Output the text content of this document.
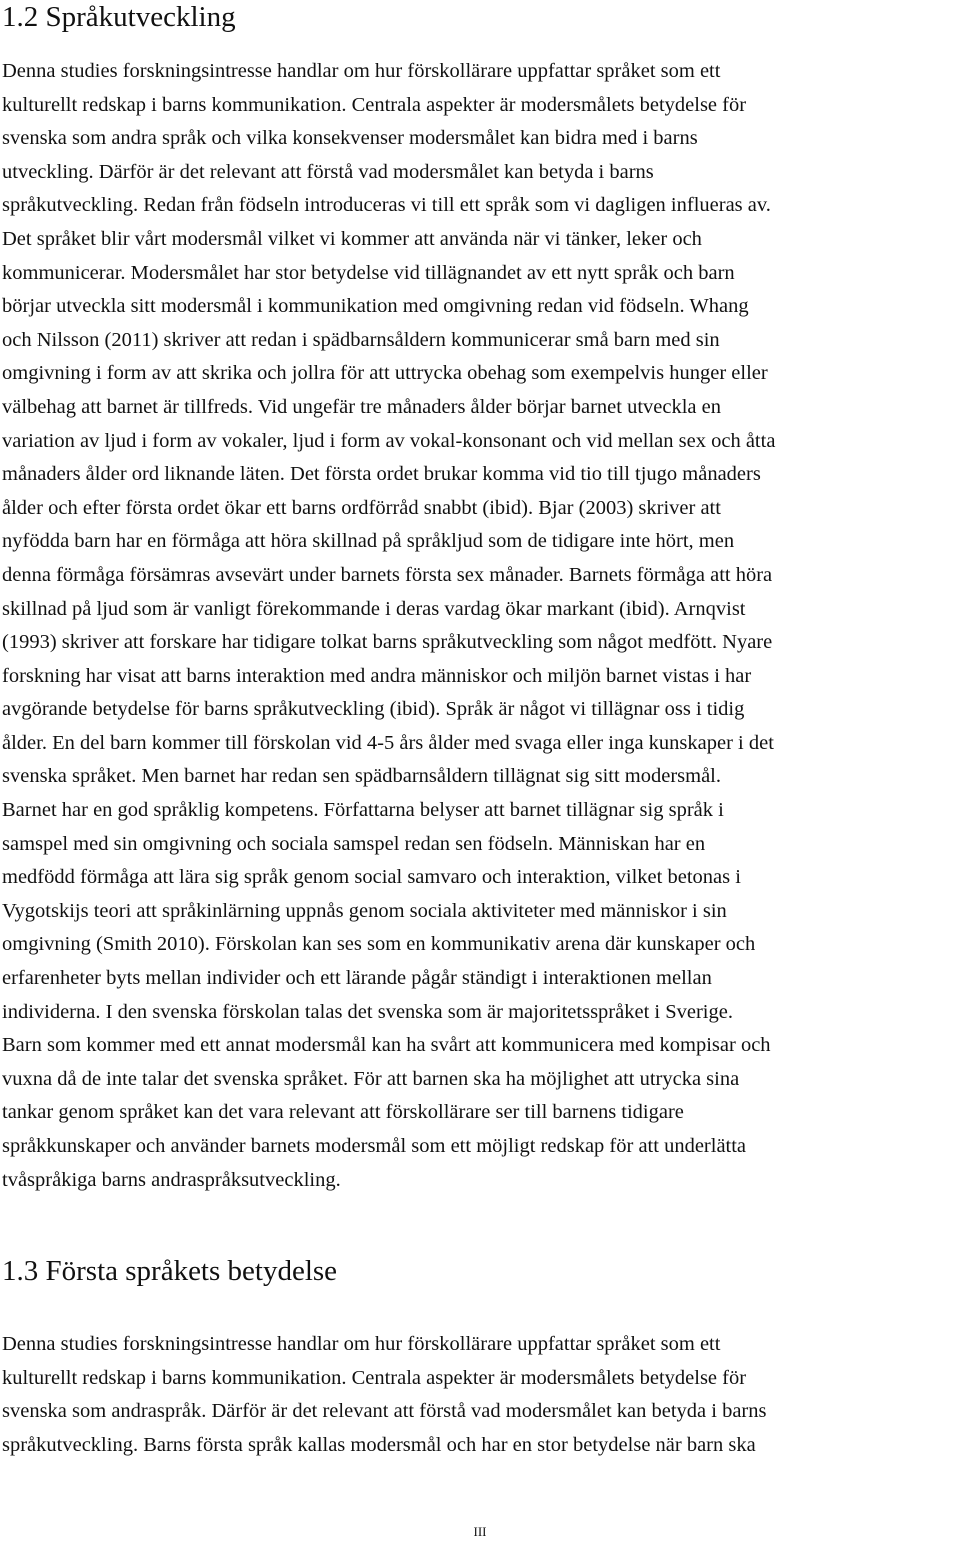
1.2 Språkutveckling
Denna studies forskningsintresse handlar om hur förskollärare uppfattar språket som ett
kulturellt redskap i barns kommunikation. Centrala aspekter är modersmålets betydelse för
svenska som andra språk och vilka konsekvenser modersmålet kan bidra med i barns
utveckling. Därför är det relevant att förstå vad modersmålet kan betyda i barns
språkutveckling. Redan från födseln introduceras vi till ett språk som vi dagligen influeras av.
Det språket blir vårt modersmål vilket vi kommer att använda när vi tänker, leker och
kommunicerar. Modersmålet har stor betydelse vid tillägnandet av ett nytt språk och barn
börjar utveckla sitt modersmål i kommunikation med omgivning redan vid födseln. Whang
och Nilsson (2011) skriver att redan i spädbarnsåldern kommunicerar små barn med sin
omgivning i form av att skrika och jollra för att uttrycka obehag som exempelvis hunger eller
välbehag att barnet är tillfreds. Vid ungefär tre månaders ålder börjar barnet utveckla en
variation av ljud i form av vokaler, ljud i form av vokal-konsonant och vid mellan sex och åtta
månaders ålder ord liknande läten. Det första ordet brukar komma vid tio till tjugo månaders
ålder och efter första ordet ökar ett barns ordförråd snabbt (ibid). Bjar (2003) skriver att
nyfödda barn har en förmåga att höra skillnad på språkljud som de tidigare inte hört, men
denna förmåga försämras avsevärt under barnets första sex månader. Barnets förmåga att höra
skillnad på ljud som är vanligt förekommande i deras vardag ökar markant (ibid). Arnqvist
(1993) skriver att forskare har tidigare tolkat barns språkutveckling som något medfött. Nyare
forskning har visat att barns interaktion med andra människor och miljön barnet vistas i har
avgörande betydelse för barns språkutveckling (ibid). Språk är något vi tillägnar oss i tidig
ålder. En del barn kommer till förskolan vid 4-5 års ålder med svaga eller inga kunskaper i det
svenska språket. Men barnet har redan sen spädbarnsåldern tillägnat sig sitt modersmål.
Barnet har en god språklig kompetens. Författarna belyser att barnet tillägnar sig språk i
samspel med sin omgivning och sociala samspel redan sen födseln. Människan har en
medfödd förmåga att lära sig språk genom social samvaro och interaktion, vilket betonas i
Vygotskijs teori att språkinlärning uppnås genom sociala aktiviteter med människor i sin
omgivning (Smith 2010). Förskolan kan ses som en kommunikativ arena där kunskaper och
erfarenheter byts mellan individer och ett lärande pågår ständigt i interaktionen mellan
individerna. I den svenska förskolan talas det svenska som är majoritetsspråket i Sverige.
Barn som kommer med ett annat modersmål kan ha svårt att kommunicera med kompisar och
vuxna då de inte talar det svenska språket. För att barnen ska ha möjlighet att utrycka sina
tankar genom språket kan det vara relevant att förskollärare ser till barnens tidigare
språkkunskaper och använder barnets modersmål som ett möjligt redskap för att underlätta
tvåspråkiga barns andraspråksutveckling.
1.3 Första språkets betydelse
Denna studies forskningsintresse handlar om hur förskollärare uppfattar språket som ett
kulturellt redskap i barns kommunikation. Centrala aspekter är modersmålets betydelse för
svenska som andraspråk. Därför är det relevant att förstå vad modersmålet kan betyda i barns
språkutveckling. Barns första språk kallas modersmål och har en stor betydelse när barn ska
III
